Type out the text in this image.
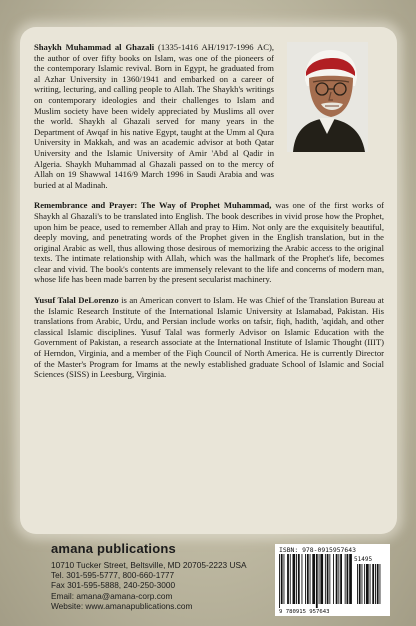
Shaykh Muhammad al Ghazali (1335-1416 AH/1917-1996 AC), the author of over fifty books on Islam, was one of the pioneers of the contemporary Islamic revival. Born in Egypt, he graduated from al Azhar University in 1360/1941 and embarked on a career of writing, lecturing, and calling people to Allah. The Shaykh's writings on contemporary ideologies and their challenges to Islam and Muslim society have been widely appreciated by Muslims all over the world. Shaykh al Ghazali served for many years in the Department of Awqaf in his native Egypt, taught at the Umm al Qura University in Makkah, and was an academic advisor at both Qatar University and the Islamic University of Amir 'Abd al Qadir in Algeria. Shaykh Muhammad al Ghazali passed on to the mercy of Allah on 19 Shawwal 1416/9 March 1996 in Saudi Arabia and was buried at al Madinah.

Remembrance and Prayer: The Way of Prophet Muhammad, was one of the first works of Shaykh al Ghazali's to be translated into English. The book describes in vivid prose how the Prophet, upon him be peace, used to remember Allah and pray to Him. Not only are the exquisitely beautiful, deeply moving, and penetrating words of the Prophet given in the English translation, but in the original Arabic as well, thus allowing those desirous of memorizing the Arabic access to the original texts. The intimate relationship with Allah, which was the hallmark of the Prophet's life, becomes clear and vivid. The book's contents are immensely relevant to the life and concerns of modern man, whose life has been made barren by the present secularist machinery.

Yusuf Talal DeLorenzo is an American convert to Islam. He was Chief of the Translation Bureau at the Islamic Research Institute of the International Islamic University at Islamabad, Pakistan. His translations from Arabic, Urdu, and Persian include works on tafsir, fiqh, hadith, 'aqidah, and other classical Islamic disciplines. Yusuf Talal was formerly Advisor on Islamic Education with the Government of Pakistan, a research associate at the International Institute of Islamic Thought (IIIT) of Herndon, Virginia, and a member of the Fiqh Council of North America. He is currently Director of the Master's Program for Imams at the newly established graduate School of Islamic and Social Sciences (SISS) in Leesburg, Virginia.

amana publications
10710 Tucker Street, Beltsville, MD 20705-2223 USA
Tel. 301-595-5777, 800-660-1777
Fax 301-595-5888, 240-250-3000
Email: amana@amana-corp.com
Website: www.amanapublications.com
ISBN: 978-0915957643
51495
9 780915 957643
